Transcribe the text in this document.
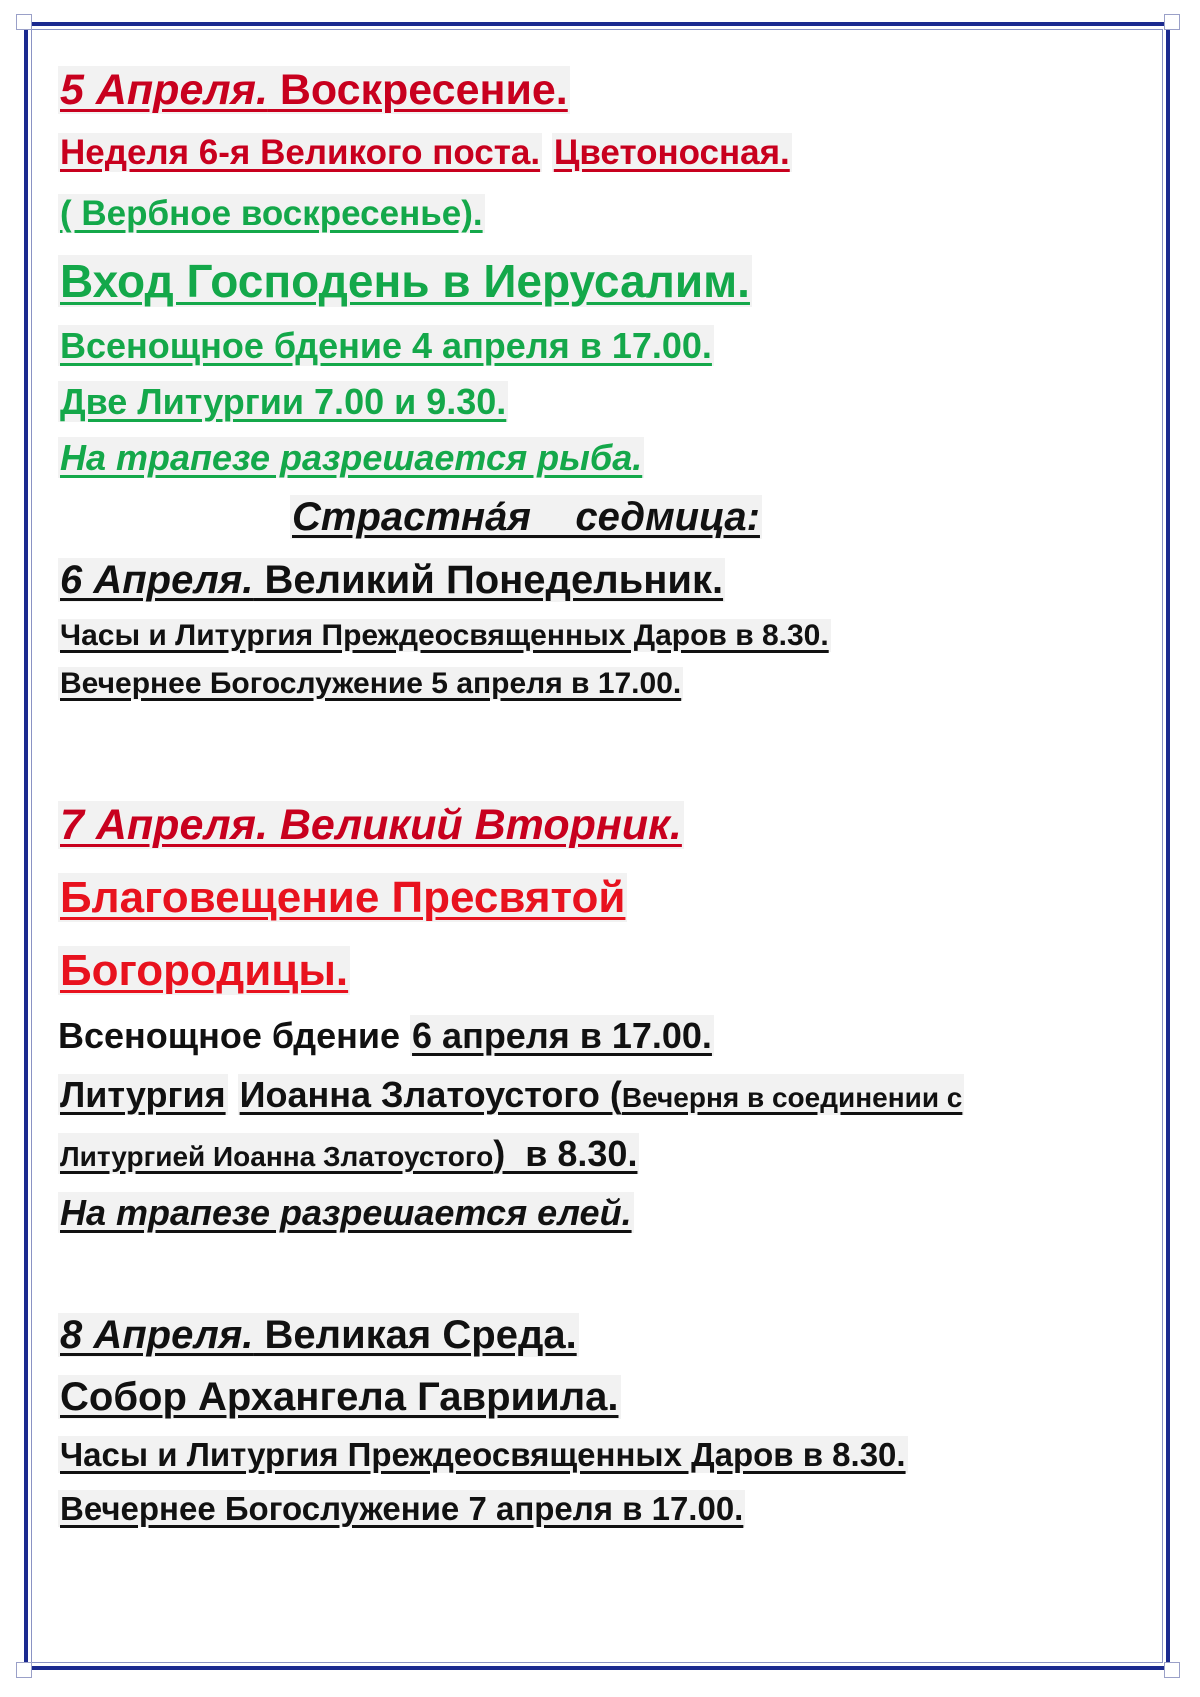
5 Апреля. Воскресение.

Неделя 6-я Великого поста. Цветоносная.

( Вербное воскресенье).

Вход Господень в Иерусалим.

Всенощное бдение 4 апреля в 17.00.

Две Литургии 7.00 и 9.30.

На трапезе разрешается рыба.

Страстна́я    седмица:

6 Апреля. Великий Понедельник.

Часы и Литургия Преждеосвященных Даров в 8.30.

Вечернее Богослужение 5 апреля в 17.00.

7 Апреля. Великий Вторник.

Благовещение Пресвятой

Богородицы.

Всенощное бдение 6 апреля в 17.00.

Литургия Иоанна Златоустого (Вечерня в соединении с

Литургией Иоанна Златоустого)  в 8.30.

На трапезе разрешается елей.

8 Апреля. Великая Среда.

Собор Архангела Гавриила.

Часы и Литургия Преждеосвященных Даров в 8.30.

Вечернее Богослужение 7 апреля в 17.00.
